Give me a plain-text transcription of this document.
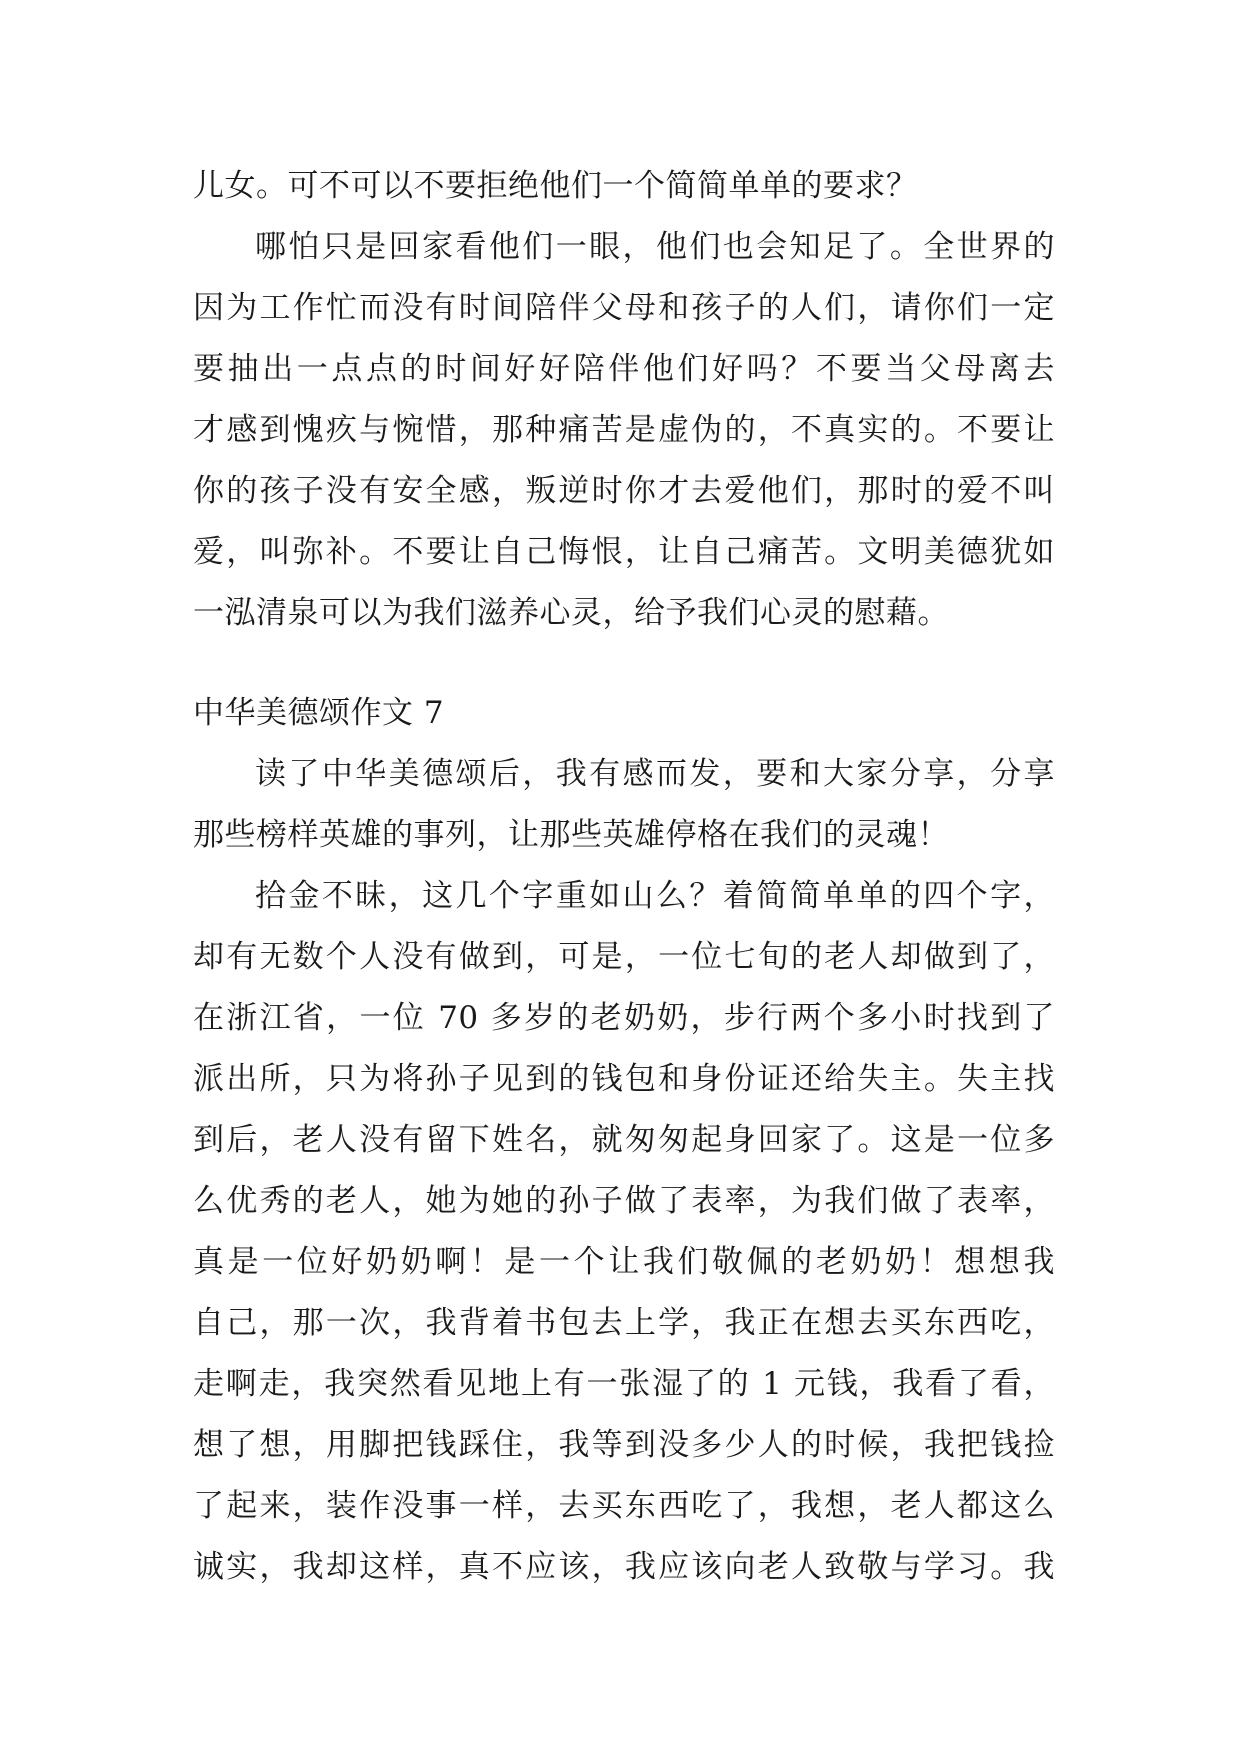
儿女。可不可以不要拒绝他们一个简简单单的要求？
哪怕只是回家看他们一眼，他们也会知足了。全世界的
因为工作忙而没有时间陪伴父母和孩子的人们，请你们一定
要抽出一点点的时间好好陪伴他们好吗？不要当父母离去
才感到愧疚与惋惜，那种痛苦是虚伪的，不真实的。不要让
你的孩子没有安全感，叛逆时你才去爱他们，那时的爱不叫
爱，叫弥补。不要让自己悔恨，让自己痛苦。文明美德犹如
一泓清泉可以为我们滋养心灵，给予我们心灵的慰藉。
中华美德颂作文 7
读了中华美德颂后，我有感而发，要和大家分享，分享
那些榜样英雄的事列，让那些英雄停格在我们的灵魂！
拾金不昧，这几个字重如山么？着简简单单的四个字，
却有无数个人没有做到，可是，一位七旬的老人却做到了，
在浙江省，一位 70 多岁的老奶奶，步行两个多小时找到了
派出所，只为将孙子见到的钱包和身份证还给失主。失主找
到后，老人没有留下姓名，就匆匆起身回家了。这是一位多
么优秀的老人，她为她的孙子做了表率，为我们做了表率，
真是一位好奶奶啊！是一个让我们敬佩的老奶奶！想想我
自己，那一次，我背着书包去上学，我正在想去买东西吃，
走啊走，我突然看见地上有一张湿了的 1 元钱，我看了看，
想了想，用脚把钱踩住，我等到没多少人的时候，我把钱捡
了起来，装作没事一样，去买东西吃了，我想，老人都这么
诚实，我却这样，真不应该，我应该向老人致敬与学习。我
